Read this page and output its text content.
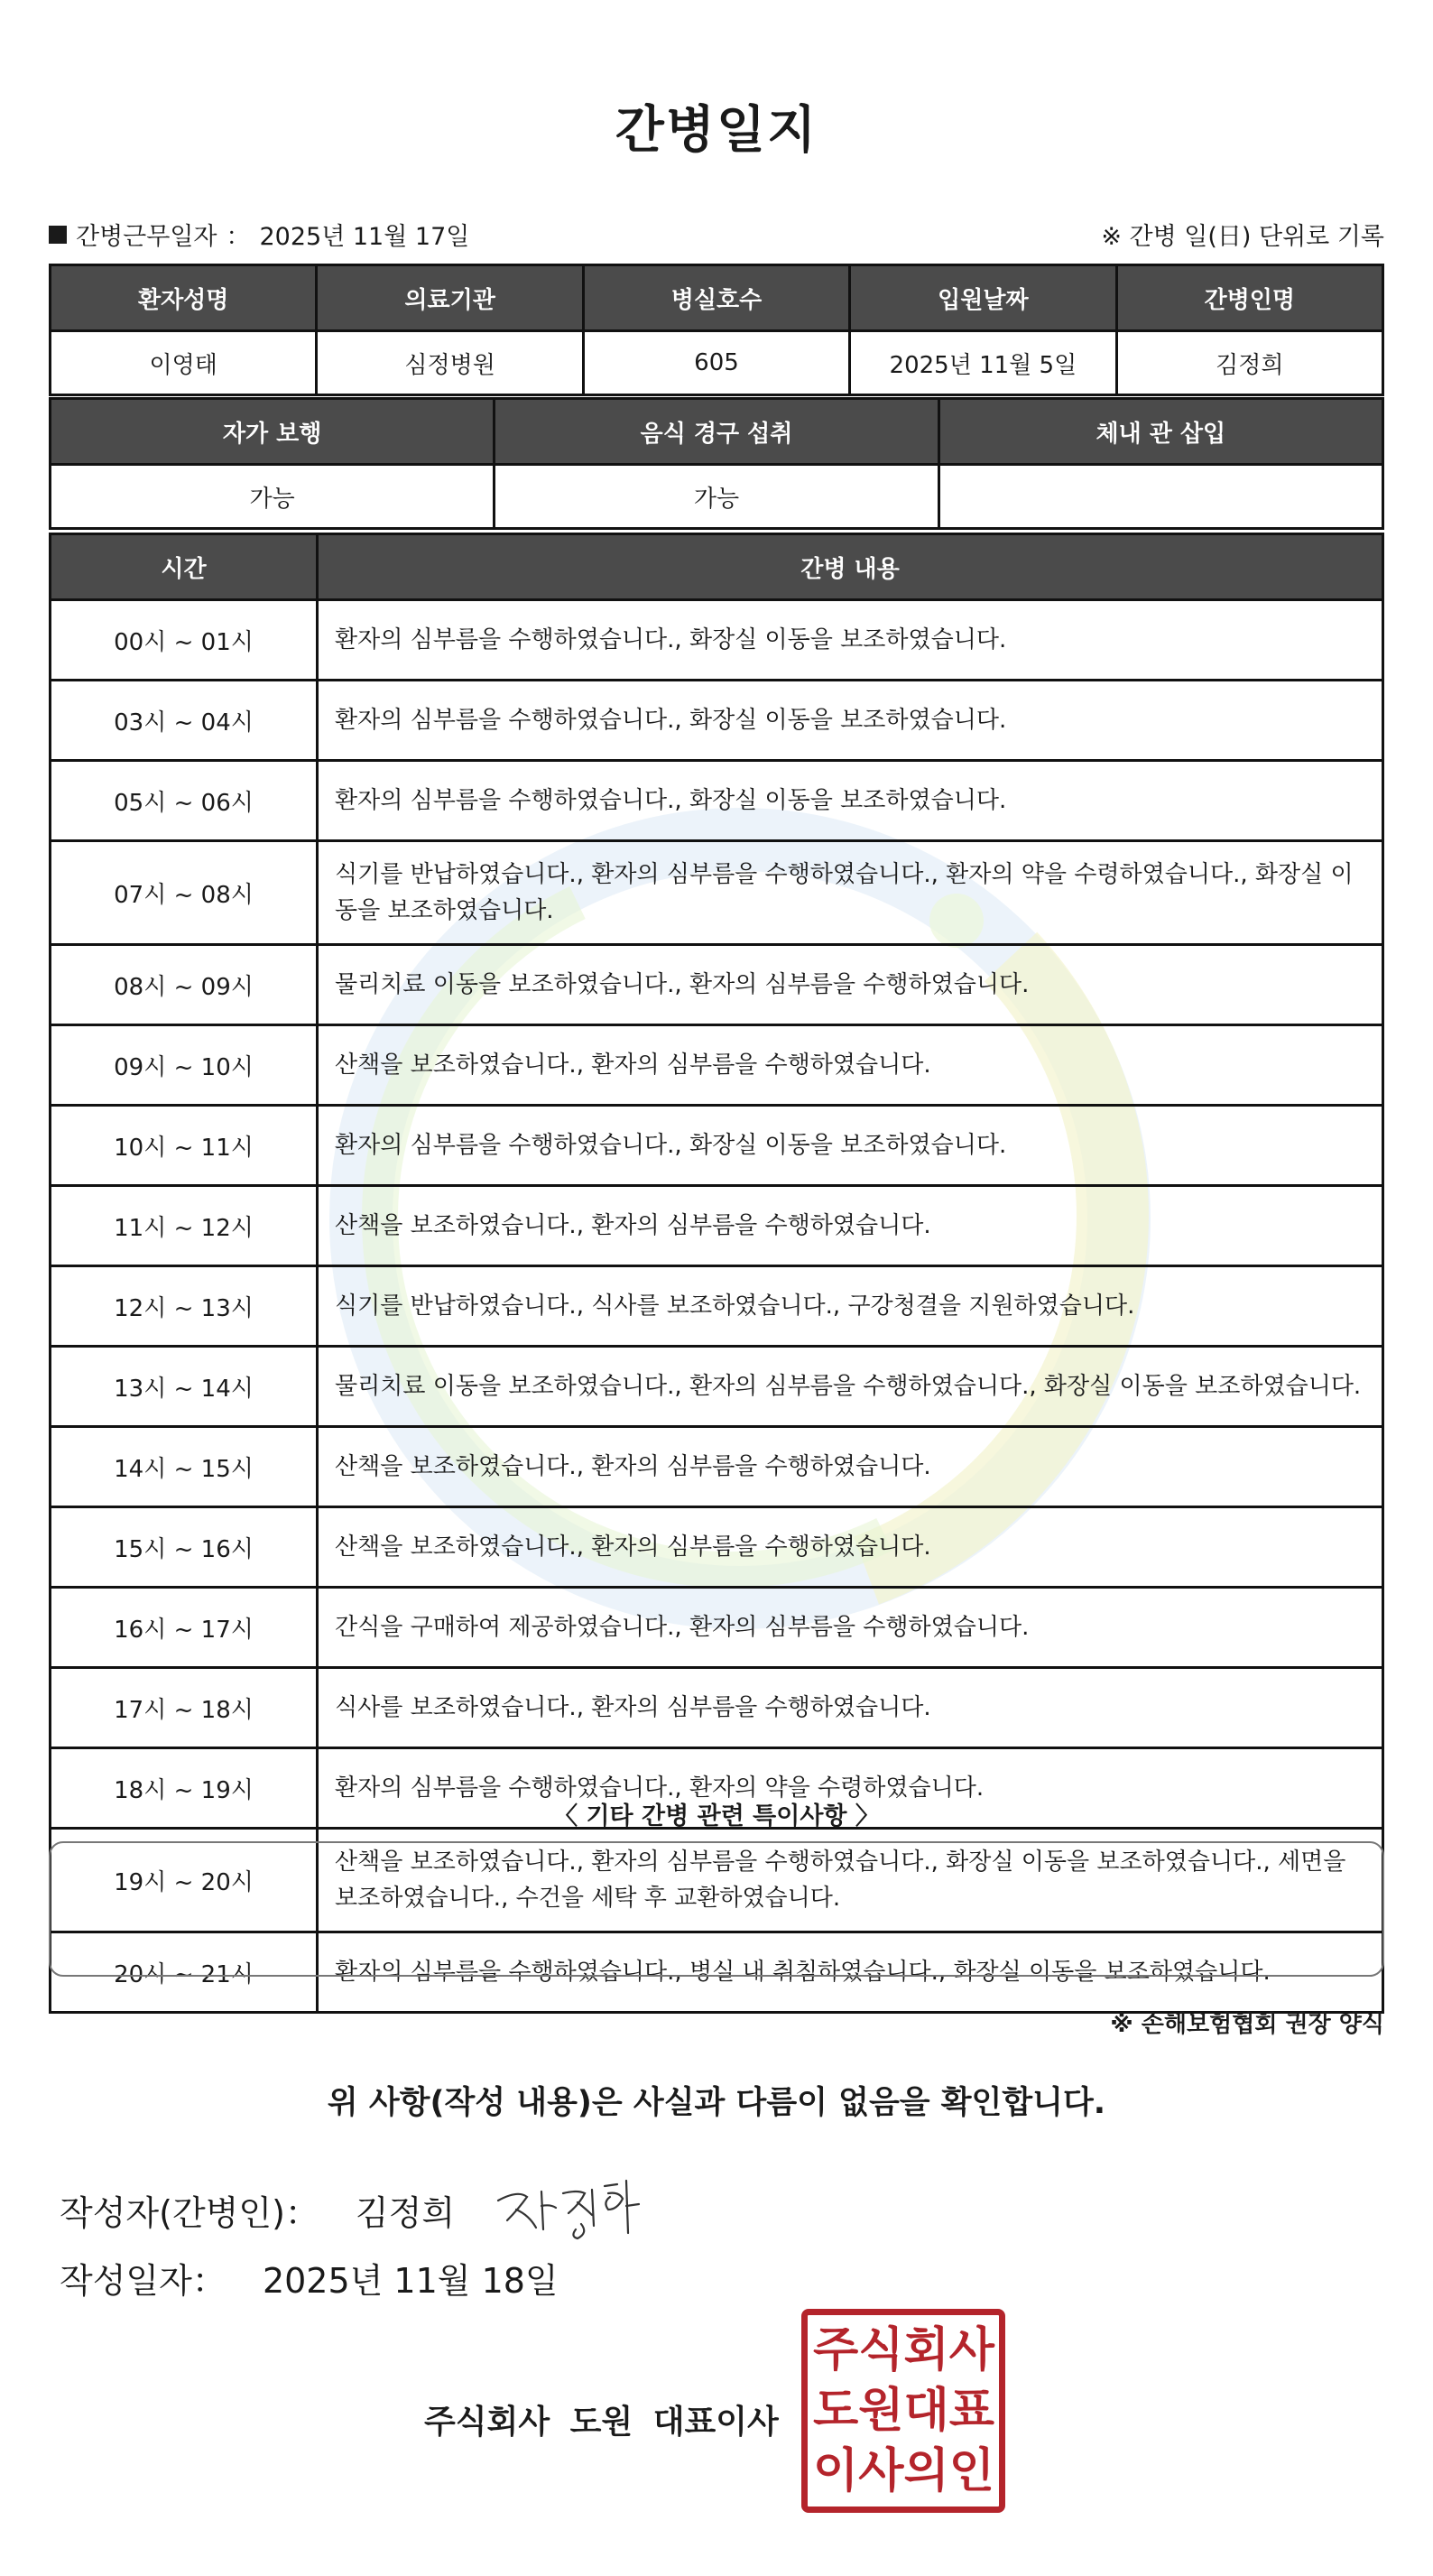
간병일지
간병근무일자 ： 2025년 11월 17일	※ 간병 일(日) 단위로 기록
환자성명	의료기관	병실호수	입원날짜	간병인명
이영태	심정병원	605	2025년 11월 5일	김정희
자가 보행	음식 경구 섭취	체내 관 삽입
가능	가능	
시간	간병 내용
00시 ~ 01시	환자의 심부름을 수행하였습니다., 화장실 이동을 보조하였습니다.
03시 ~ 04시	환자의 심부름을 수행하였습니다., 화장실 이동을 보조하였습니다.
05시 ~ 06시	환자의 심부름을 수행하였습니다., 화장실 이동을 보조하였습니다.
07시 ~ 08시	식기를 반납하였습니다., 환자의 심부름을 수행하였습니다., 환자의 약을 수령하였습니다., 화장실 이동을 보조하였습니다.
08시 ~ 09시	물리치료 이동을 보조하였습니다., 환자의 심부름을 수행하였습니다.
09시 ~ 10시	산책을 보조하였습니다., 환자의 심부름을 수행하였습니다.
10시 ~ 11시	환자의 심부름을 수행하였습니다., 화장실 이동을 보조하였습니다.
11시 ~ 12시	산책을 보조하였습니다., 환자의 심부름을 수행하였습니다.
12시 ~ 13시	식기를 반납하였습니다., 식사를 보조하였습니다., 구강청결을 지원하였습니다.
13시 ~ 14시	물리치료 이동을 보조하였습니다., 환자의 심부름을 수행하였습니다., 화장실 이동을 보조하였습니다.
14시 ~ 15시	산책을 보조하였습니다., 환자의 심부름을 수행하였습니다.
15시 ~ 16시	산책을 보조하였습니다., 환자의 심부름을 수행하였습니다.
16시 ~ 17시	간식을 구매하여 제공하였습니다., 환자의 심부름을 수행하였습니다.
17시 ~ 18시	식사를 보조하였습니다., 환자의 심부름을 수행하였습니다.
18시 ~ 19시	환자의 심부름을 수행하였습니다., 환자의 약을 수령하였습니다.
19시 ~ 20시	산책을 보조하였습니다., 환자의 심부름을 수행하였습니다., 화장실 이동을 보조하였습니다., 세면을 보조하였습니다., 수건을 세탁 후 교환하였습니다.
20시 ~ 21시	환자의 심부름을 수행하였습니다., 병실 내 취침하였습니다., 화장실 이동을 보조하였습니다.
〈 기타 간병 관련 특이사항 〉
※ 손해보험협회 권장 양식
위 사항(작성 내용)은 사실과 다름이 없음을 확인합니다.
작성자(간병인)： 김정희
작성일자： 2025년 11월 18일
주식회사 도원 대표이사
주 식 회 사
도 원 대 표
이 사 의 인
